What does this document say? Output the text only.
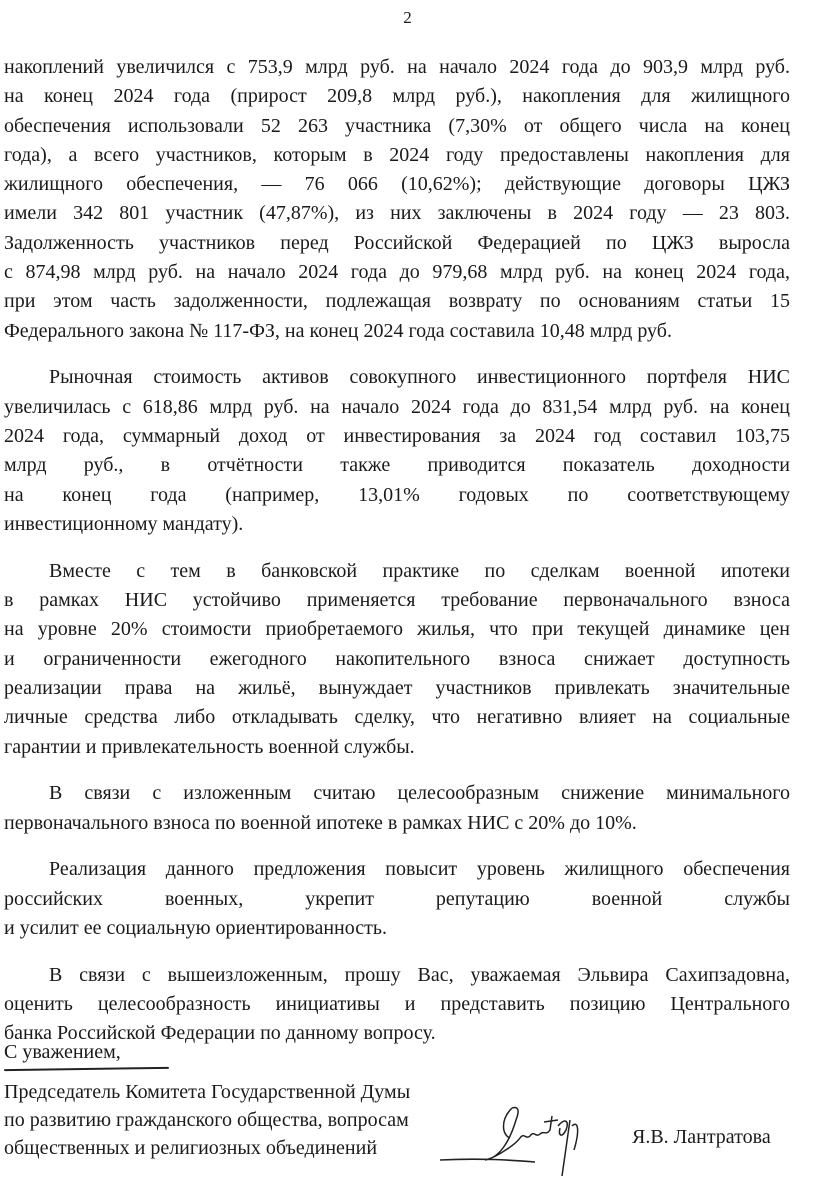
2
накоплений увеличился с 753,9 млрд руб. на начало 2024 года до 903,9 млрд руб.
на конец 2024 года (прирост 209,8 млрд руб.), накопления для жилищного
обеспечения использовали 52 263 участника (7,30% от общего числа на конец
года), а всего участников, которым в 2024 году предоставлены накопления для
жилищного обеспечения, — 76 066 (10,62%); действующие договоры ЦЖЗ
имели 342 801 участник (47,87%), из них заключены в 2024 году — 23 803.
Задолженность участников перед Российской Федерацией по ЦЖЗ выросла
с 874,98 млрд руб. на начало 2024 года до 979,68 млрд руб. на конец 2024 года,
при этом часть задолженности, подлежащая возврату по основаниям статьи 15
Федерального закона № 117-ФЗ, на конец 2024 года составила 10,48 млрд руб.
Рыночная стоимость активов совокупного инвестиционного портфеля НИС
увеличилась с 618,86 млрд руб. на начало 2024 года до 831,54 млрд руб. на конец
2024 года, суммарный доход от инвестирования за 2024 год составил 103,75
млрд руб., в отчётности также приводится показатель доходности
на конец года (например, 13,01% годовых по соответствующему
инвестиционному мандату).
Вместе с тем в банковской практике по сделкам военной ипотеки
в рамках НИС устойчиво применяется требование первоначального взноса
на уровне 20% стоимости приобретаемого жилья, что при текущей динамике цен
и ограниченности ежегодного накопительного взноса снижает доступность
реализации права на жильё, вынуждает участников привлекать значительные
личные средства либо откладывать сделку, что негативно влияет на социальные
гарантии и привлекательность военной службы.
В связи с изложенным считаю целесообразным снижение минимального
первоначального взноса по военной ипотеке в рамках НИС с 20% до 10%.
Реализация данного предложения повысит уровень жилищного обеспечения
российских военных, укрепит репутацию военной службы
и усилит ее социальную ориентированность.
В связи с вышеизложенным, прошу Вас, уважаемая Эльвира Сахипзадовна,
оценить целесообразность инициативы и представить позицию Центрального
банка Российской Федерации по данному вопросу.
С уважением,
Председатель Комитета Государственной Думы
по развитию гражданского общества, вопросам
общественных и религиозных объединений	Я.В. Лантратова
